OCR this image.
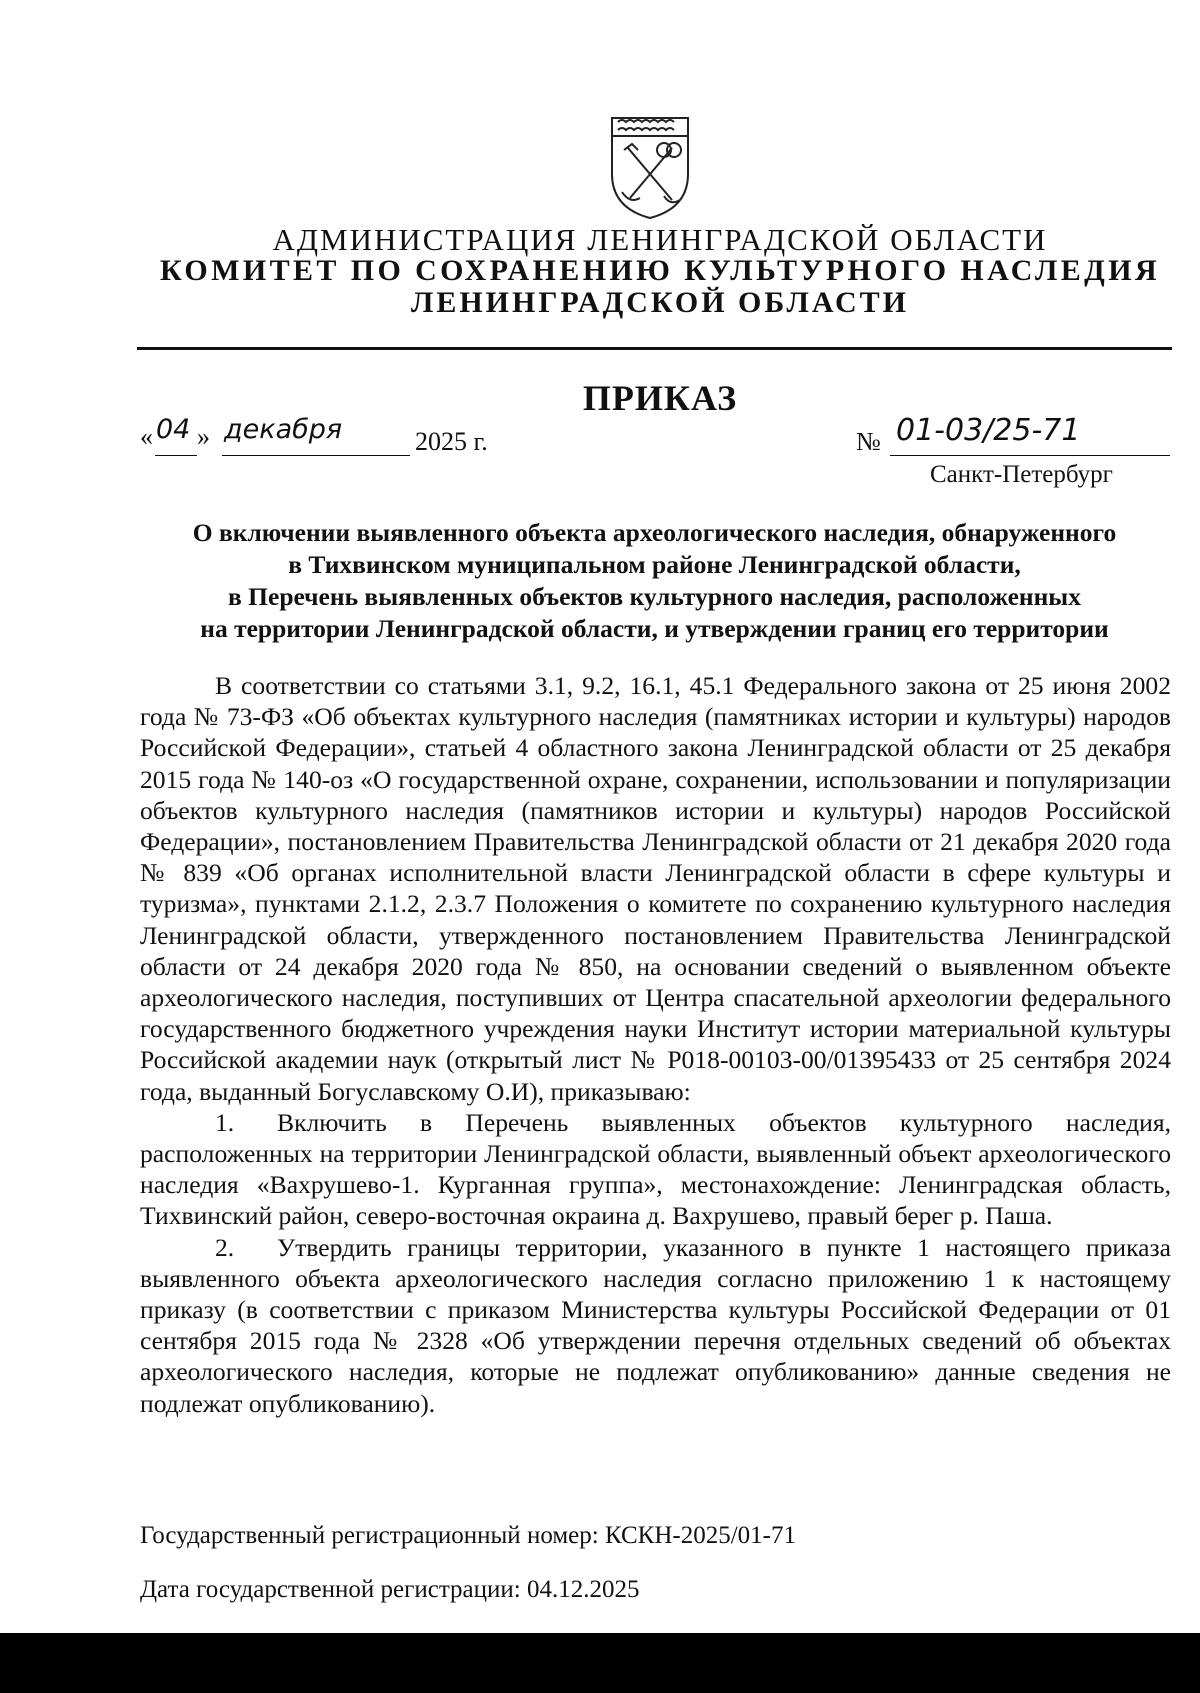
АДМИНИСТРАЦИЯ ЛЕНИНГРАДСКОЙ ОБЛАСТИ
КОМИТЕТ ПО СОХРАНЕНИЮ КУЛЬТУРНОГО НАСЛЕДИЯ
ЛЕНИНГРАДСКОЙ ОБЛАСТИ
ПРИКАЗ
« 04 » декабря	2025 г.	№ 01-03/25-71
Санкт-Петербург
О включении выявленного объекта археологического наследия, обнаруженного
в Тихвинском муниципальном районе Ленинградской области,
в Перечень выявленных объектов культурного наследия, расположенных
на территории Ленинградской области, и утверждении границ его территории

В соответствии со статьями 3.1, 9.2, 16.1, 45.1 Федерального закона от 25 июня 2002 года № 73-ФЗ «Об объектах культурного наследия (памятниках истории и культуры) народов Российской Федерации», статьей 4 областного закона Ленинградской области от 25 декабря 2015 года № 140-оз «О государственной охране, сохранении, использовании и популяризации объектов культурного наследия (памятников истории и культуры) народов Российской Федерации», постановлением Правительства Ленинградской области от 21 декабря 2020 года № 839 «Об органах исполнительной власти Ленинградской области в сфере культуры и туризма», пунктами 2.1.2, 2.3.7 Положения о комитете по сохранению культурного наследия Ленинградской области, утвержденного постановлением Правительства Ленинградской области от 24 декабря 2020 года № 850, на основании сведений о выявленном объекте археологического наследия, поступивших от Центра спасательной археологии федерального государственного бюджетного учреждения науки Институт истории материальной культуры Российской академии наук (открытый лист № Р018-00103-00/01395433 от 25 сентября 2024 года, выданный Богуславскому О.И), приказываю:

1. Включить в Перечень выявленных объектов культурного наследия, расположенных на территории Ленинградской области, выявленный объект археологического наследия «Вахрушево-1. Курганная группа», местонахождение: Ленинградская область, Тихвинский район, северо-восточная окраина д. Вахрушево, правый берег р. Паша.

2. Утвердить границы территории, указанного в пункте 1 настоящего приказа выявленного объекта археологического наследия согласно приложению 1 к настоящему приказу (в соответствии с приказом Министерства культуры Российской Федерации от 01 сентября 2015 года № 2328 «Об утверждении перечня отдельных сведений об объектах археологического наследия, которые не подлежат опубликованию» данные сведения не подлежат опубликованию).

Государственный регистрационный номер: КСКН-2025/01-71
Дата государственной регистрации: 04.12.2025
